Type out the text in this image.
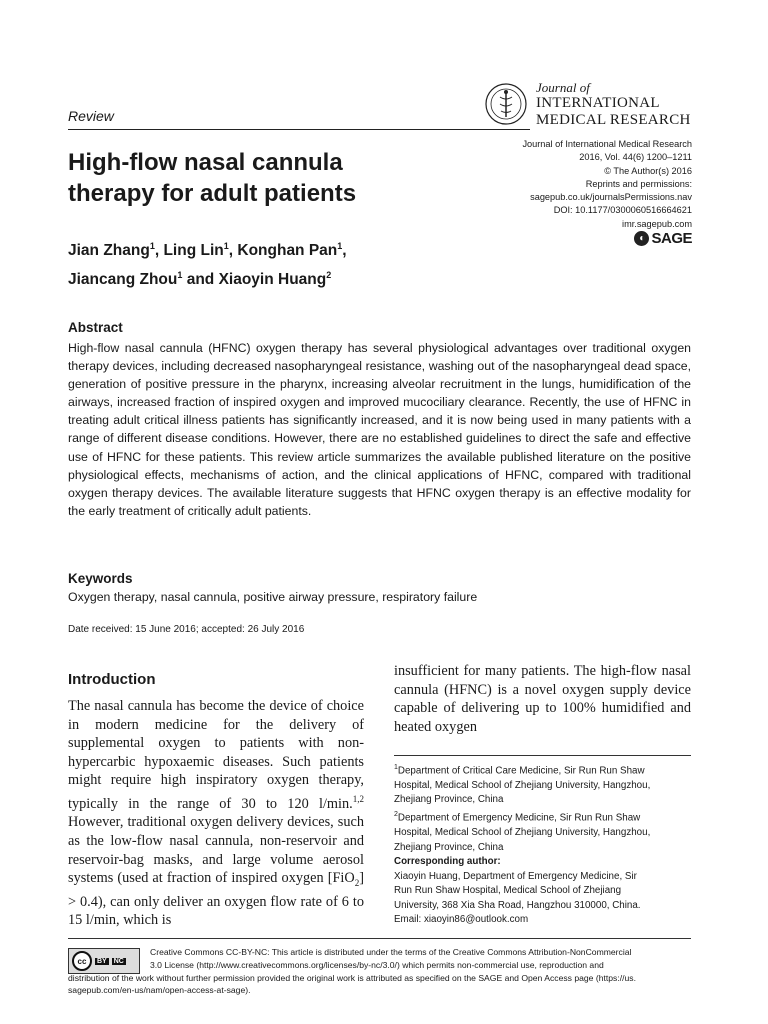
Review
Journal of
INTERNATIONAL
MEDICAL RESEARCH
Journal of International Medical Research
2016, Vol. 44(6) 1200–1211
© The Author(s) 2016
Reprints and permissions:
sagepub.co.uk/journalsPermissions.nav
DOI: 10.1177/0300060516664621
imr.sagepub.com
◐ SAGE
High-flow nasal cannula
therapy for adult patients
Jian Zhang$^1$, Ling Lin$^1$, Konghan Pan$^1$,
Jiancang Zhou$^1$ and Xiaoyin Huang$^2$
Abstract
High-flow nasal cannula (HFNC) oxygen therapy has several physiological advantages over traditional oxygen therapy devices, including decreased nasopharyngeal resistance, washing out of the nasopharyngeal dead space, generation of positive pressure in the pharynx, increasing alveolar recruitment in the lungs, humidification of the airways, increased fraction of inspired oxygen and improved mucociliary clearance. Recently, the use of HFNC in treating adult critical illness patients has significantly increased, and it is now being used in many patients with a range of different disease conditions. However, there are no established guidelines to direct the safe and effective use of HFNC for these patients. This review article summarizes the available published literature on the positive physiological effects, mechanisms of action, and the clinical applications of HFNC, compared with traditional oxygen therapy devices. The available literature suggests that HFNC oxygen therapy is an effective modality for the early treatment of critically adult patients.
Keywords
Oxygen therapy, nasal cannula, positive airway pressure, respiratory failure
Date received: 15 June 2016; accepted: 26 July 2016
Introduction
The nasal cannula has become the device of choice in modern medicine for the delivery of supplemental oxygen to patients with non-hypercarbic hypoxaemic diseases. Such patients might require high inspiratory oxygen therapy, typically in the range of 30 to 120 l/min.$^{1,2}$ However, traditional oxygen delivery devices, such as the low-flow nasal cannula, non-reservoir and reservoir-bag masks, and large volume aerosol systems (used at fraction of inspired oxygen [FiO$_2$] > 0.4), can only deliver an oxygen flow rate of 6 to 15 l/min, which is
insufficient for many patients. The high-flow nasal cannula (HFNC) is a novel oxygen supply device capable of delivering up to 100% humidified and heated oxygen
$^1$Department of Critical Care Medicine, Sir Run Run Shaw
Hospital, Medical School of Zhejiang University, Hangzhou,
Zhejiang Province, China
$^2$Department of Emergency Medicine, Sir Run Run Shaw
Hospital, Medical School of Zhejiang University, Hangzhou,
Zhejiang Province, China
Corresponding author:
Xiaoyin Huang, Department of Emergency Medicine, Sir
Run Run Shaw Hospital, Medical School of Zhejiang
University, 368 Xia Sha Road, Hangzhou 310000, China.
Email: xiaoyin86@outlook.com
cc	BY NC
Creative Commons CC-BY-NC: This article is distributed under the terms of the Creative Commons Attribution-NonCommercial
3.0 License (http://www.creativecommons.org/licenses/by-nc/3.0/) which permits non-commercial use, reproduction and
distribution of the work without further permission provided the original work is attributed as specified on the SAGE and Open Access page (https://us.
sagepub.com/en-us/nam/open-access-at-sage).
